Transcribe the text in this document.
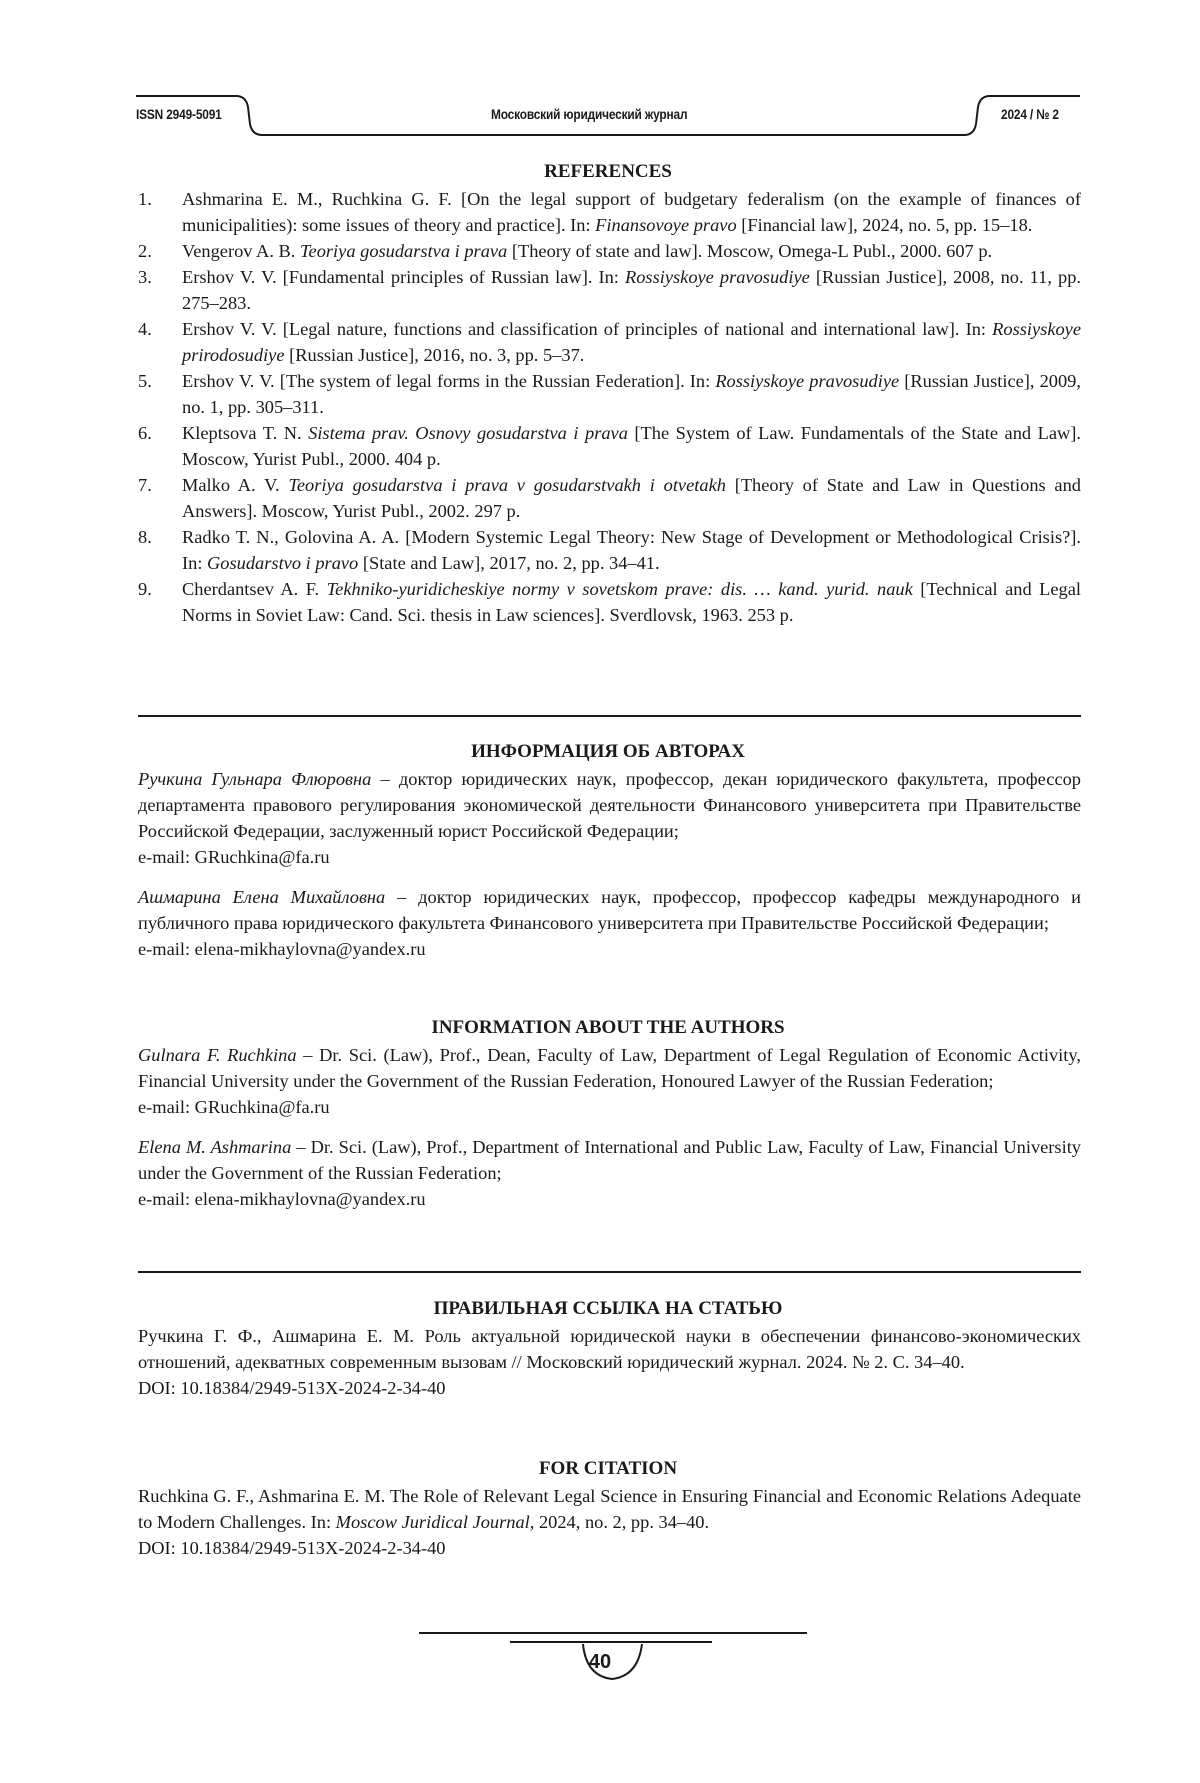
ISSN 2949-5091	Московский юридический журнал	2024 / № 2
REFERENCES
1. Ashmarina E. M., Ruchkina G. F. [On the legal support of budgetary federalism (on the example of finances of municipalities): some issues of theory and practice]. In: Finansovoye pravo [Financial law], 2024, no. 5, pp. 15–18.
2. Vengerov A. B. Teoriya gosudarstva i prava [Theory of state and law]. Moscow, Omega-L Publ., 2000. 607 p.
3. Ershov V. V. [Fundamental principles of Russian law]. In: Rossiyskoye pravosudiye [Russian Justice], 2008, no. 11, pp. 275–283.
4. Ershov V. V. [Legal nature, functions and classification of principles of national and international law]. In: Rossiyskoye prirodosudiye [Russian Justice], 2016, no. 3, pp. 5–37.
5. Ershov V. V. [The system of legal forms in the Russian Federation]. In: Rossiyskoye pravosudiye [Russian Justice], 2009, no. 1, pp. 305–311.
6. Kleptsova T. N. Sistema prav. Osnovy gosudarstva i prava [The System of Law. Fundamentals of the State and Law]. Moscow, Yurist Publ., 2000. 404 p.
7. Malko A. V. Teoriya gosudarstva i prava v gosudarstvakh i otvetakh [Theory of State and Law in Questions and Answers]. Moscow, Yurist Publ., 2002. 297 p.
8. Radko T. N., Golovina A. A. [Modern Systemic Legal Theory: New Stage of Development or Methodological Crisis?]. In: Gosudarstvo i pravo [State and Law], 2017, no. 2, pp. 34–41.
9. Cherdantsev A. F. Tekhniko-yuridicheskiye normy v sovetskom prave: dis. … kand. yurid. nauk [Technical and Legal Norms in Soviet Law: Cand. Sci. thesis in Law sciences]. Sverdlovsk, 1963. 253 p.
ИНФОРМАЦИЯ ОБ АВТОРАХ

Ручкина Гульнара Флюровна – доктор юридических наук, профессор, декан юридического факультета, профессор департамента правового регулирования экономической деятельности Финансового университета при Правительстве Российской Федерации, заслуженный юрист Российской Федерации;

e-mail: GRuchkina@fa.ru

Ашмарина Елена Михайловна – доктор юридических наук, профессор, профессор кафедры международного и публичного права юридического факультета Финансового университета при Правительстве Российской Федерации;

e-mail: elena-mikhaylovna@yandex.ru

INFORMATION ABOUT THE AUTHORS

Gulnara F. Ruchkina – Dr. Sci. (Law), Prof., Dean, Faculty of Law, Department of Legal Regulation of Economic Activity, Financial University under the Government of the Russian Federation, Honoured Lawyer of the Russian Federation;

e-mail: GRuchkina@fa.ru

Elena M. Ashmarina – Dr. Sci. (Law), Prof., Department of International and Public Law, Faculty of Law, Financial University under the Government of the Russian Federation;

e-mail: elena-mikhaylovna@yandex.ru

ПРАВИЛЬНАЯ ССЫЛКА НА СТАТЬЮ

Ручкина Г. Ф., Ашмарина Е. М. Роль актуальной юридической науки в обеспечении финансово-экономических отношений, адекватных современным вызовам // Московский юридический журнал. 2024. № 2. С. 34–40.

DOI: 10.18384/2949-513X-2024-2-34-40

FOR CITATION

Ruchkina G. F., Ashmarina E. M. The Role of Relevant Legal Science in Ensuring Financial and Economic Relations Adequate to Modern Challenges. In: Moscow Juridical Journal, 2024, no. 2, pp. 34–40.

DOI: 10.18384/2949-513X-2024-2-34-40

40
